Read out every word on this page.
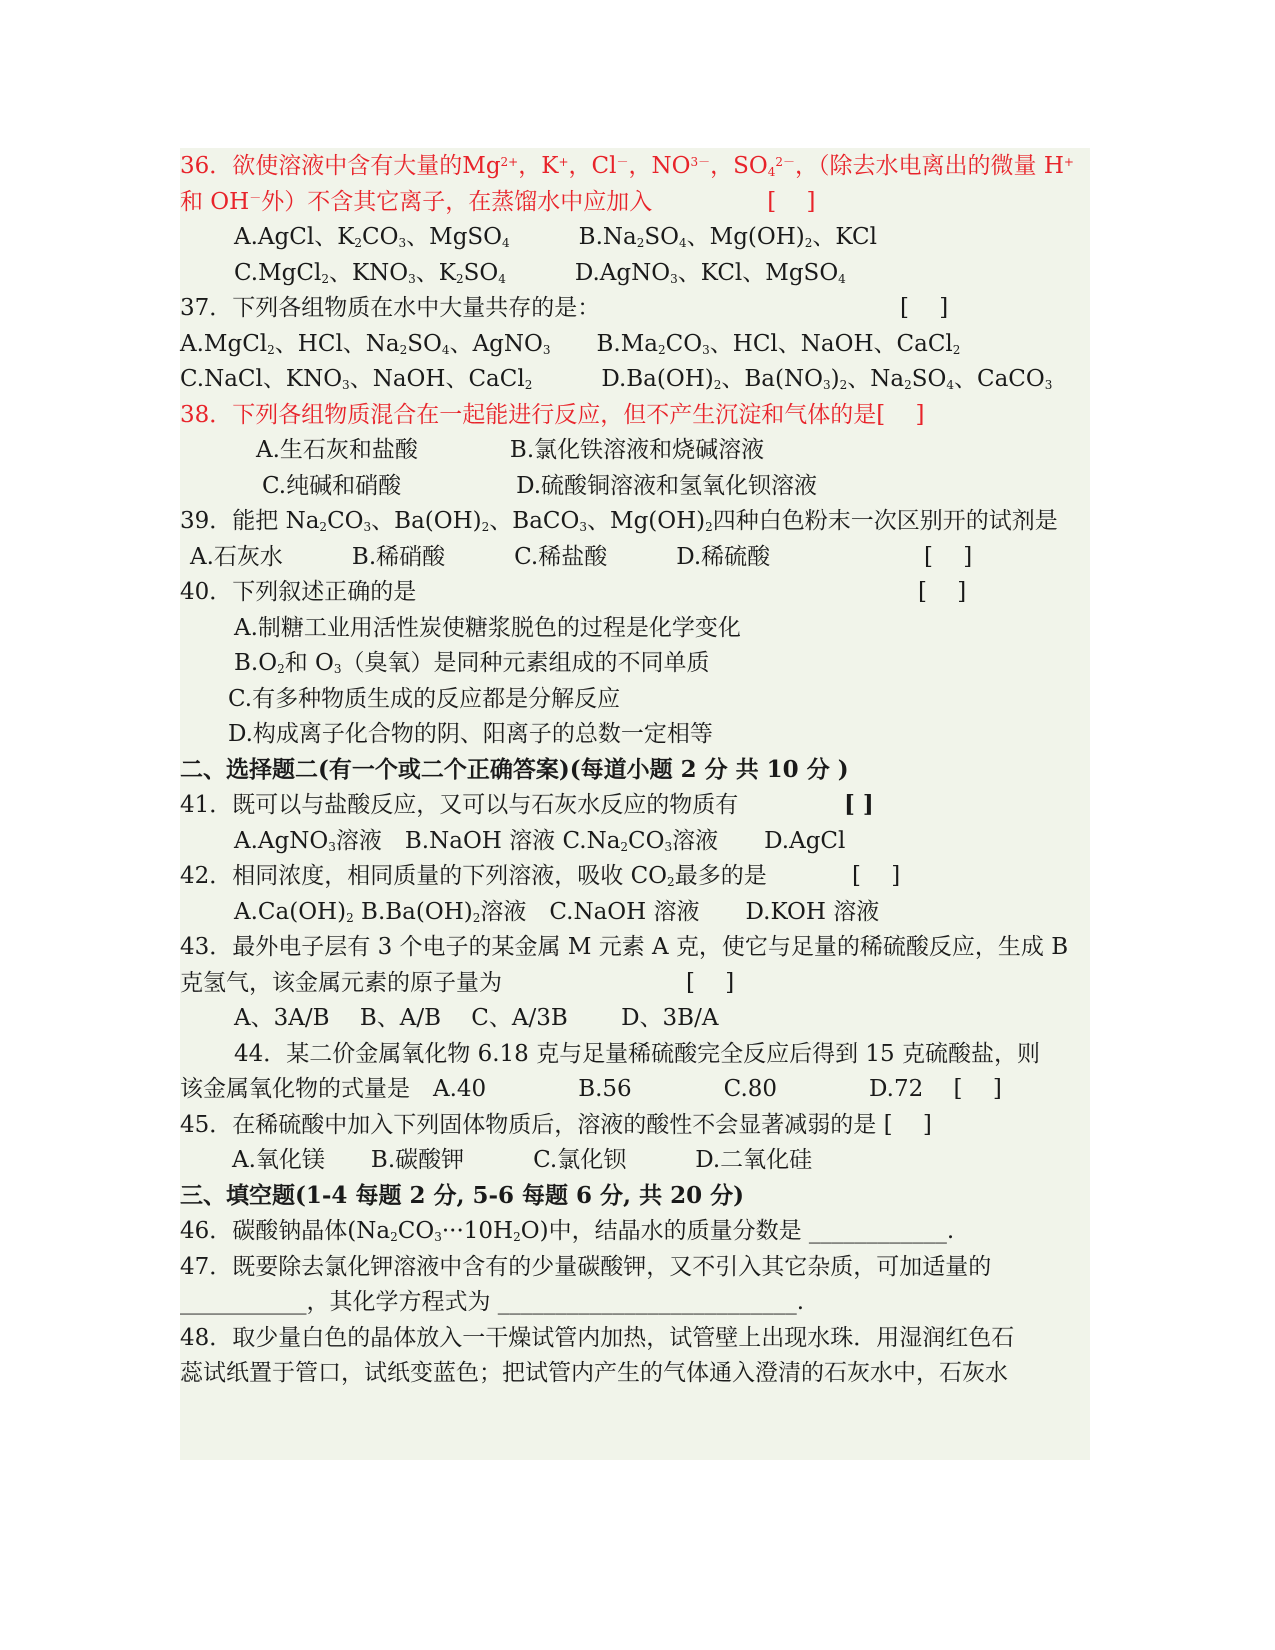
36．欲使溶液中含有大量的$Mg^{2+}$，K+，Cl－，$NO^{3-}$，$SO_4^{2-}$，（除去水电离出的微量 H+
和 OH－外）不含其它离子，在蒸馏水中应加入　　　　　[　 ]
A.AgCl、$K_2CO_3$、MgSO$_4$　　　$B.Na_2SO_4$、$Mg(OH)_2$、KCl
C.MgCl$_2$、$KNO_3$、$K_2SO_4$　　　D.AgNO$_3$、KCl、MgSO$_4$
37．下列各组物质在水中大量共存的是：	[　 ]
A.MgCl$_2$、HCl、$Na_2SO_4$、AgNO$_3$　　$B.Ma_2CO_3$、HCl、NaOH、CaCl$_2$
C.NaCl、$KNO_3$、NaOH、CaCl$_2$　　　$D.Ba(OH)_2$、$Ba(NO_3)_2$、$Na_2SO_4$、CaCO$_3$
38．下列各组物质混合在一起能进行反应，但不产生沉淀和气体的是[　 ]
A.生石灰和盐酸　　　　B.氯化铁溶液和烧碱溶液
C.纯碱和硝酸　　　　　D.硫酸铜溶液和氢氧化钡溶液
39．能把 $Na_2CO_3$、$Ba(OH)_2$、BaCO$_3$、$Mg(OH)_2$四种白色粉末一次区别开的试剂是
A.石灰水　　　B.稀硝酸　　　C.稀盐酸　　　D.稀硫酸	[　 ]
40．下列叙述正确的是	[　 ]
A.制糖工业用活性炭使糖浆脱色的过程是化学变化
$B.O_2$和 $O_3$（臭氧）是同种元素组成的不同单质
C.有多种物质生成的反应都是分解反应
D.构成离子化合物的阴、阳离子的总数一定相等
二、选择题二(有一个或二个正确答案)(每道小题 2 分 共 10 分 )
41．既可以与盐酸反应，又可以与石灰水反应的物质有	[ ]
A.AgNO$_3$溶液　B.NaOH 溶液 $C.Na_2CO_3$溶液　　D.AgCl
42．相同浓度，相同质量的下列溶液，吸收 $CO_2$最多的是	[　 ]
$A.Ca(OH)_2$ $B.Ba(OH)_2$溶液　C.NaOH 溶液　　D.KOH 溶液
43．最外电子层有 3 个电子的某金属 M 元素 A 克，使它与足量的稀硫酸反应，生成 B
克氢气，该金属元素的原子量为　　　　　　　　[　 ]
A、3A/B　 B、A/B　 C、A/3B　　 D、3B/A
44．某二价金属氧化物 6.18 克与足量稀硫酸完全反应后得到 15 克硫酸盐，则
该金属氧化物的式量是　A.40　　　　B.56　　　　C.80　　　　D.72　 [　 ]
45．在稀硫酸中加入下列固体物质后，溶液的酸性不会显著减弱的是 [　 ]
A.氧化镁　　B.碳酸钾　　　C.氯化钡　　　D.二氧化硅
三、填空题(1-4 每题 2 分, 5-6 每题 6 分, 共 20 分)
46．碳酸钠晶体$(Na_2CO_3\cdot\cdot\cdot 10H_2O)$中，结晶水的质量分数是 ____________.
47．既要除去氯化钾溶液中含有的少量碳酸钾，又不引入其它杂质，可加适量的
___________，其化学方程式为 __________________________.
48．取少量白色的晶体放入一干燥试管内加热，试管壁上出现水珠．用湿润红色石
蕊试纸置于管口，试纸变蓝色；把试管内产生的气体通入澄清的石灰水中，石灰水
